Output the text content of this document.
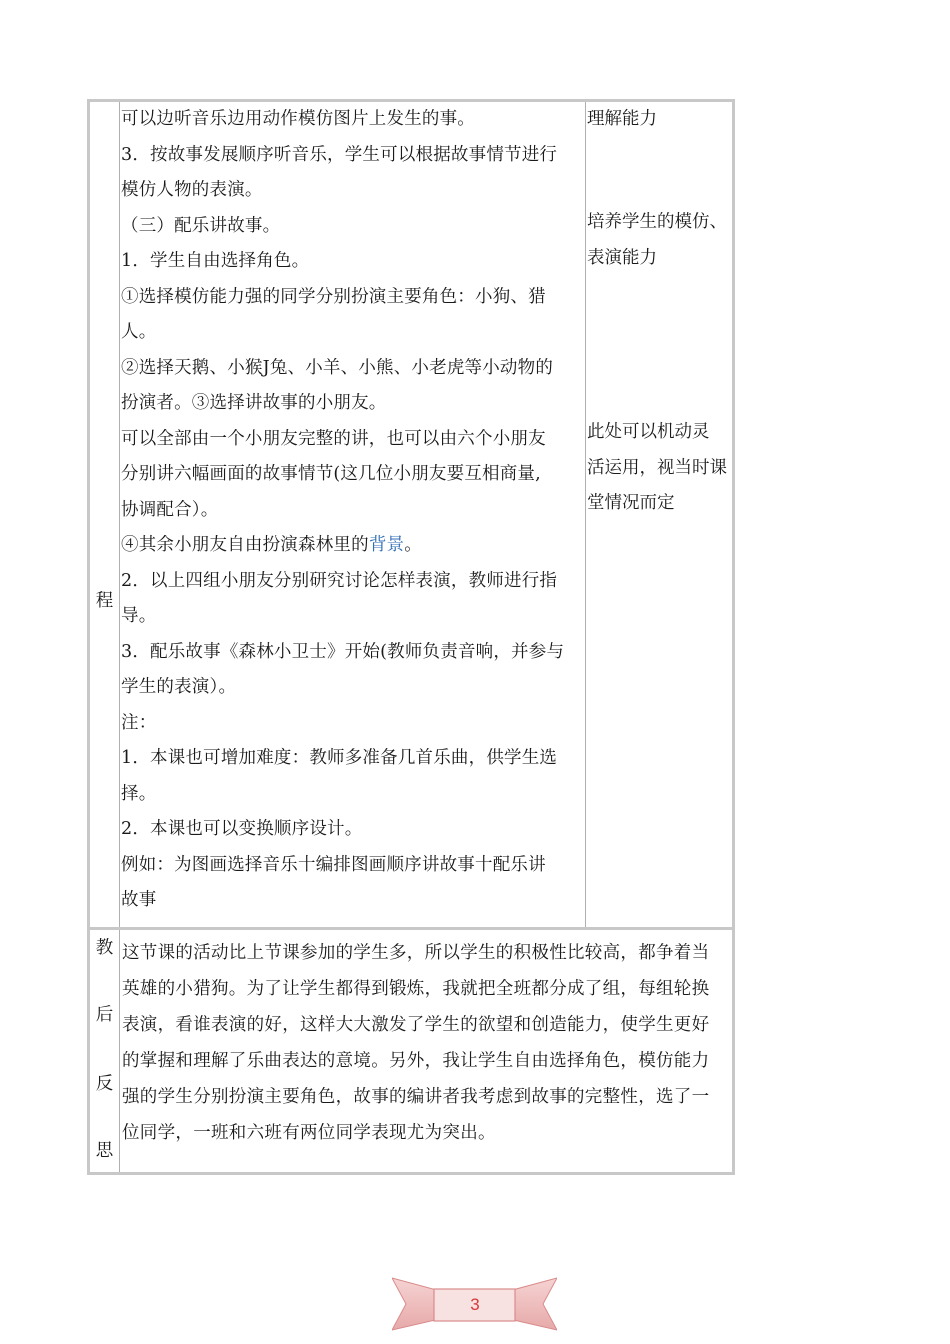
程

可以边听音乐边用动作模仿图片上发生的事。

3．按故事发展顺序听音乐，学生可以根据故事情节进行

模仿人物的表演。

（三）配乐讲故事。

1．学生自由选择角色。

①选择模仿能力强的同学分别扮演主要角色：小狗、猎

人。

②选择天鹅、小猴J兔、小羊、小熊、小老虎等小动物的

扮演者。③选择讲故事的小朋友。

可以全部由一个小朋友完整的讲，也可以由六个小朋友

分别讲六幅画面的故事情节(这几位小朋友要互相商量,

协调配合）。

④其余小朋友自由扮演森林里的背景。

2．以上四组小朋友分别研究讨论怎样表演，教师进行指

导。

3．配乐故事《森林小卫士》开始(教师负责音响，并参与

学生的表演）。

注：

1．本课也可增加难度：教师多准备几首乐曲，供学生选

择。

2．本课也可以变换顺序设计。

例如：为图画选择音乐十编排图画顺序讲故事十配乐讲

故事

理解能力

培养学生的模仿、

表演能力

此处可以机动灵

活运用，视当时课

堂情况而定

教
后
反
思

这节课的活动比上节课参加的学生多，所以学生的积极性比较高，都争着当

英雄的小猎狗。为了让学生都得到锻炼，我就把全班都分成了组，每组轮换

表演，看谁表演的好，这样大大激发了学生的欲望和创造能力，使学生更好

的掌握和理解了乐曲表达的意境。另外，我让学生自由选择角色，模仿能力

强的学生分别扮演主要角色，故事的编讲者我考虑到故事的完整性，选了一

位同学，一班和六班有两位同学表现尤为突出。

3
